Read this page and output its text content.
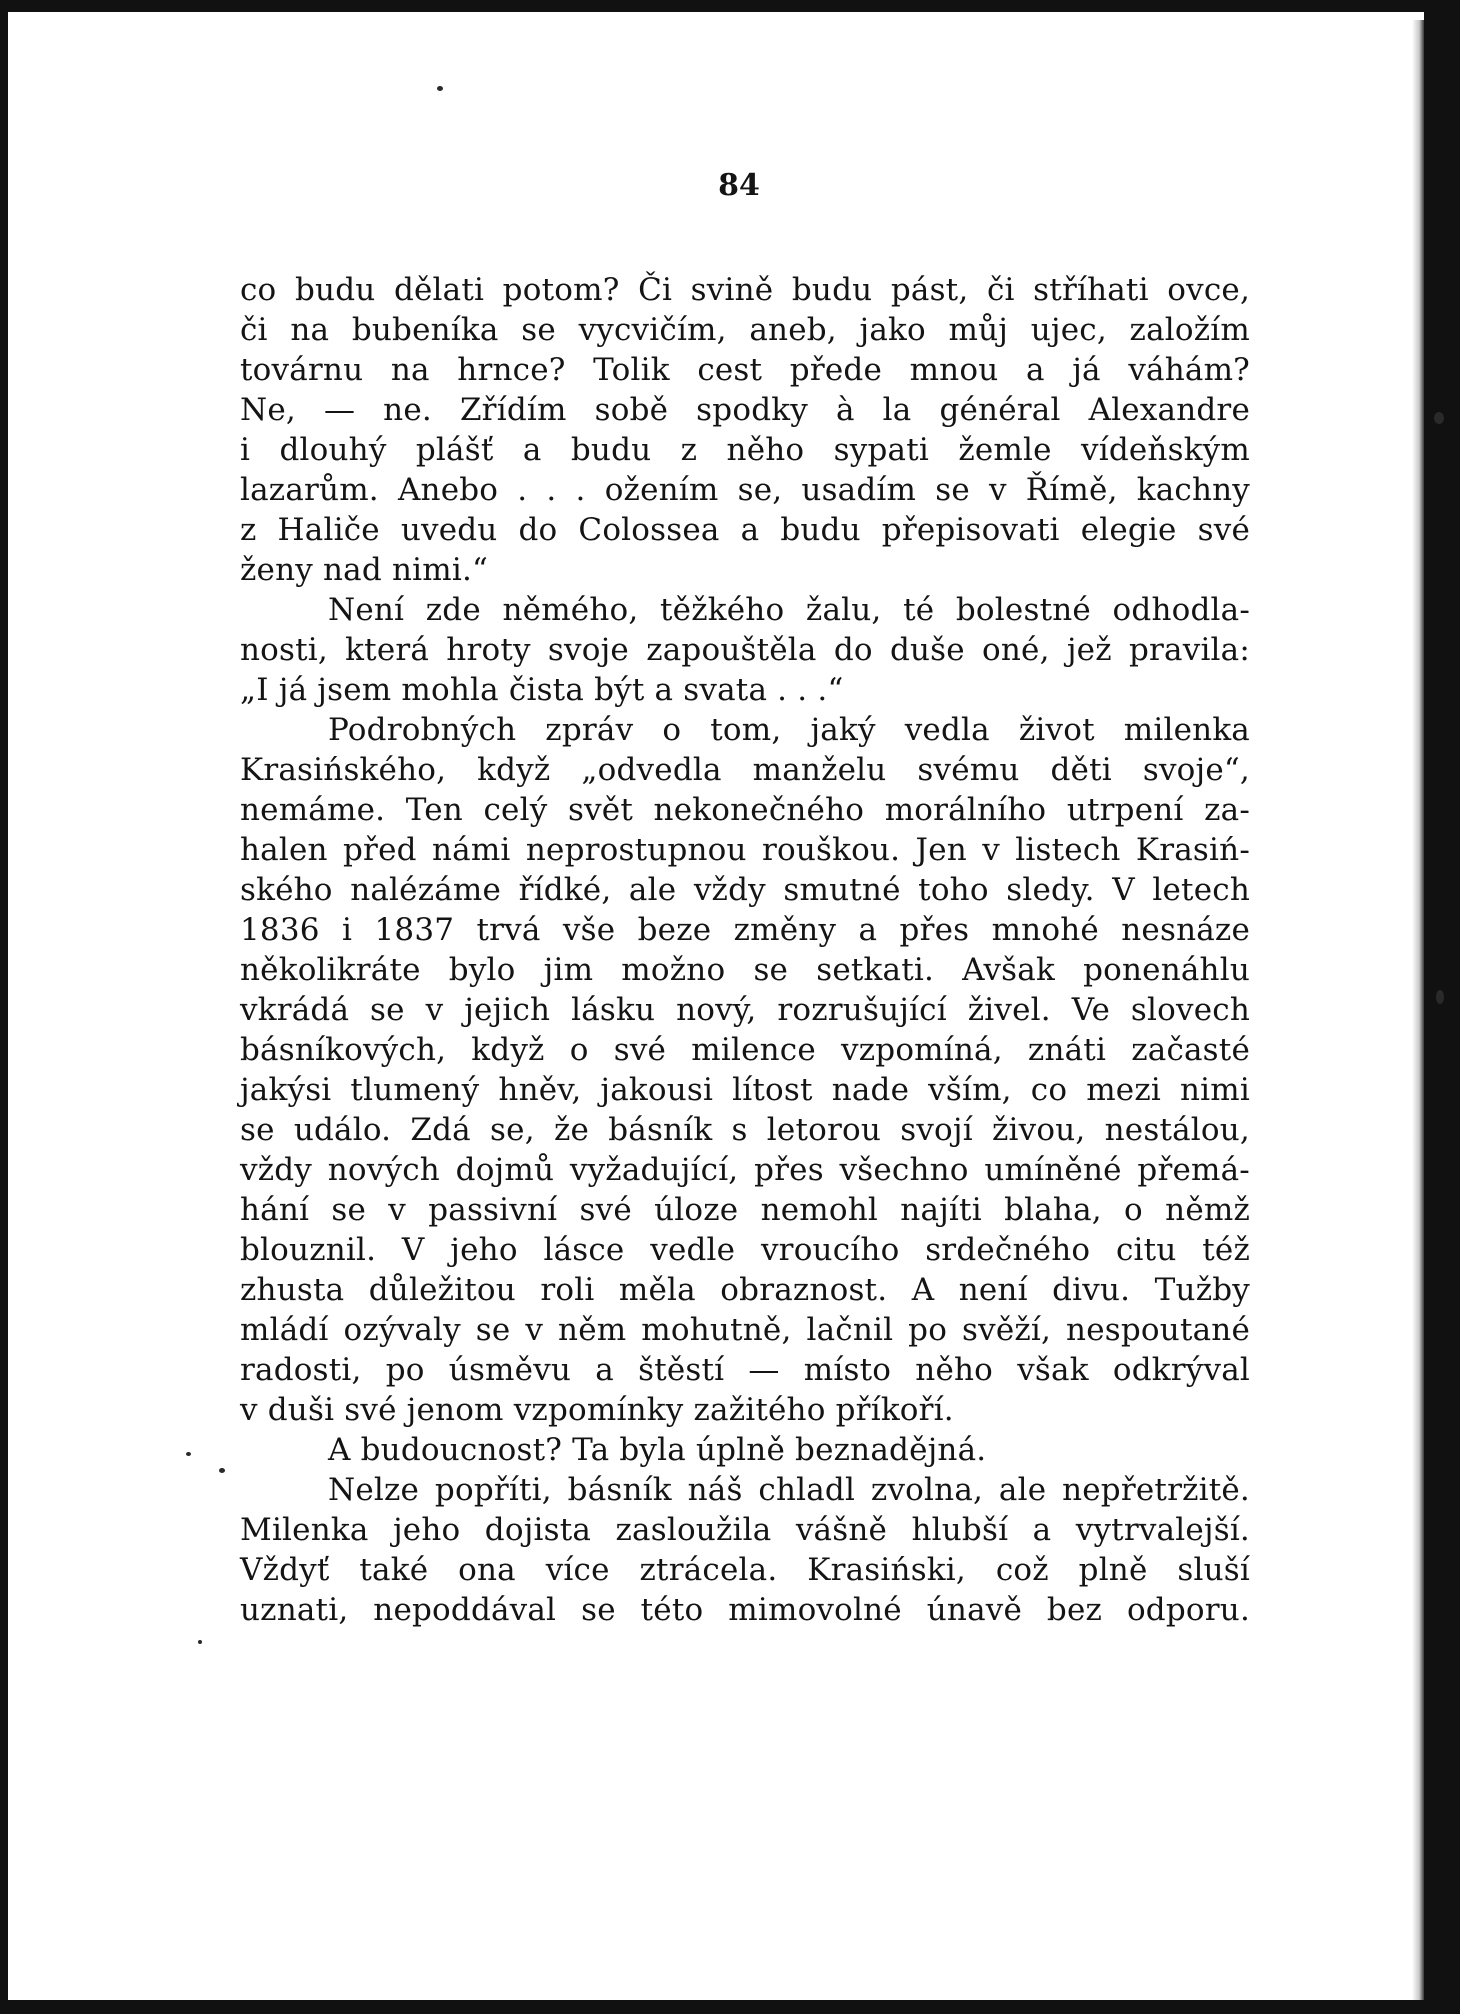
84
co budu dělati potom? Či svině budu pást, či stříhati ovce,
či na bubeníka se vycvičím, aneb, jako můj ujec, založím
továrnu na hrnce? Tolik cest přede mnou a já váhám?
Ne, — ne. Zřídím sobě spodky à la général Alexandre
i dlouhý plášť a budu z něho sypati žemle vídeňským
lazarům. Anebo . . . ožením se, usadím se v Římě, kachny
z Haliče uvedu do Colossea a budu přepisovati elegie své
ženy nad nimi.“
Není zde němého, těžkého žalu, té bolestné odhodla-
nosti, která hroty svoje zapouštěla do duše oné, jež pravila:
„I já jsem mohla čista být a svata . . .“
Podrobných zpráv o tom, jaký vedla život milenka
Krasińského, když „odvedla manželu svému děti svoje“,
nemáme. Ten celý svět nekonečného morálního utrpení za-
halen před námi neprostupnou rouškou. Jen v listech Krasiń-
ského nalézáme řídké, ale vždy smutné toho sledy. V letech
1836 i 1837 trvá vše beze změny a přes mnohé nesnáze
několikráte bylo jim možno se setkati. Avšak ponenáhlu
vkrádá se v jejich lásku nový, rozrušující živel. Ve slovech
básníkových, když o své milence vzpomíná, znáti začasté
jakýsi tlumený hněv, jakousi lítost nade vším, co mezi nimi
se událo. Zdá se, že básník s letorou svojí živou, nestálou,
vždy nových dojmů vyžadující, přes všechno umíněné přemá-
hání se v passivní své úloze nemohl najíti blaha, o němž
blouznil. V jeho lásce vedle vroucího srdečného citu též
zhusta důležitou roli měla obraznost. A není divu. Tužby
mládí ozývaly se v něm mohutně, lačnil po svěží, nespoutané
radosti, po úsměvu a štěstí — místo něho však odkrýval
v duši své jenom vzpomínky zažitého příkoří.
A budoucnost? Ta byla úplně beznadějná.
Nelze popříti, básník náš chladl zvolna, ale nepřetržitě.
Milenka jeho dojista zasloužila vášně hlubší a vytrvalejší.
Vždyť také ona více ztrácela. Krasiński, což plně sluší
uznati, nepoddával se této mimovolné únavě bez odporu.
